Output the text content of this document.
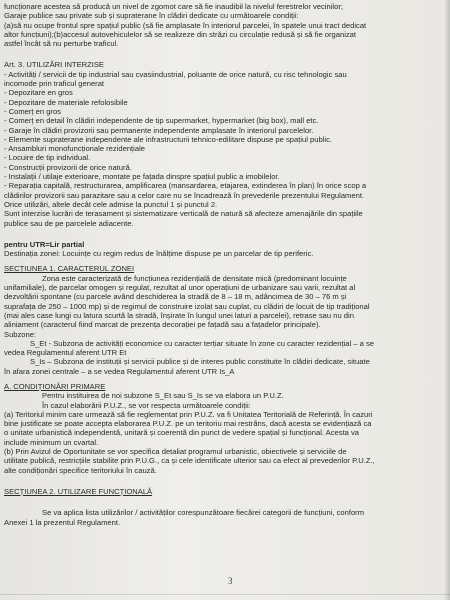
funcționare acestea să producă un nivel de zgomot care să fie inaudibil la nivelul ferestrelor vecinilor;
Garaje publice sau private sub și supraterane în clădiri dedicate cu următoarele condiții:
(a)să nu ocupe frontul spre spațiul public (să fie amplasate în interiorul parcelei, în spatele unui tract dedicat
altor funcțiuni);(b)accesul autovehiculelor să se realizeze din străzi cu circulație redusă și să fie organizat
astfel încât să nu perturbe traficul.
Art. 3. UTILIZĂRI INTERZISE
- Activități / servicii de tip industrial sau cvasiindustrial, poluante de orice natură, cu risc tehnologic sau
incomode prin traficul generat
- Depozitare en gros
- Depozitare de materiale refolosibile
- Comerț en gros
- Comerț en detail în clădiri independente de tip supermarket, hypermarket (big box), mall etc.
- Garaje în clădiri provizorii sau permanente independente amplasate în interiorul parcelelor.
- Elemente supraterane independente ale infrastructurii tehnico-edilitare dispuse pe spațiul public.
- Ansambluri monofuncționale rezidențiale
- Locuire de tip individual.
- Construcții provizorii de orice natură.
- Instalații / utilaje exterioare, montate pe fațada dinspre spațiul public a imobilelor.
- Reparația capitală, restructurarea, amplificarea (mansardarea, etajarea, extinderea în plan) în orice scop a
clădirilor provizorii sau parazitare sau a celor care nu se încadrează în prevederile prezentului Regulament.
Orice utilizări, altele decât cele admise la punctul 1 și punctul 2.
Sunt interzise lucrări de terasament și sistematizare verticală de natură să afecteze amenajările din spațiile
publice sau de pe parcelele adiacente.
pentru UTR=Lir partial
Destinația zonei: Locuințe cu regim redus de înălțime dispuse pe un parcelar de tip periferic.
SECȚIUNEA 1. CARACTERUL ZONEI
Zona este caracterizată de funcțiunea rezidențială de densitate mică (predominant locuințe
unifamiliale), de parcelar omogen și regulat, rezultat al unor operațiuni de urbanizare sau varii, rezultat al
dezvoltării spontane (cu parcele având deschiderea la stradă de 8 – 18 m, adâncimea de 30 – 76 m și
suprafața de 250 – 1000 mp) și de regimul de construire izolat sau cuplat, cu clădiri de locuit de tip tradițional
(mai ales case lungi cu latura scurtă la stradă, înșirate în lungul unei laturi a parcelei), retrase sau nu din
aliniament (caracterul fiind marcat de prezența decorației pe fațadă sau a fațadelor principale).
Subzone:
S_Et - Subzona de activități economice cu caracter terțiar situate în zone cu caracter rezidențial – a se
vedea Regulamentul aferent UTR Et
S_Is – Subzona de instituții și servicii publice și de interes public constituite în clădiri dedicate, situate
în afara zonei centrale – a se vedea Regulamentul aferent UTR Is_A
A. CONDIȚIONĂRI PRIMARE
Pentru instituirea de noi subzone S_Et sau S_Is se va elabora un P.U.Z.
În cazul elaborării P.U.Z., se vor respecta următoarele condiții:
(a) Teritoriul minim care urmează să fie reglementat prin P.U.Z. va fi Unitatea Teritorială de Referință. În cazuri
bine justificate se poate accepta elaborarea P.U.Z. pe un teritoriu mai restrâns, dacă acesta se evidențiază ca
o unitate urbanistică independentă, unitară și coerentă din punct de vedere spațial și funcțional. Acesta va
include minimum un cvartal.
(b) Prin Avizul de Oportunitate se vor specifica detaliat programul urbanistic, obiectivele și serviciile de
utilitate publică, restricțiile stabilite prin P.U.G., ca și cele identificate ulterior sau ca efect al prevederilor P.U.Z.,
alte condiționări specifice teritoriului în cauză.
SECȚIUNEA 2. UTILIZARE FUNCȚIONALĂ
Se va aplica lista utilizărilor / activităților corespunzătoare fiecărei categorii de funcțiuni, conform
Anexei 1 la prezentul Regulament.
3
